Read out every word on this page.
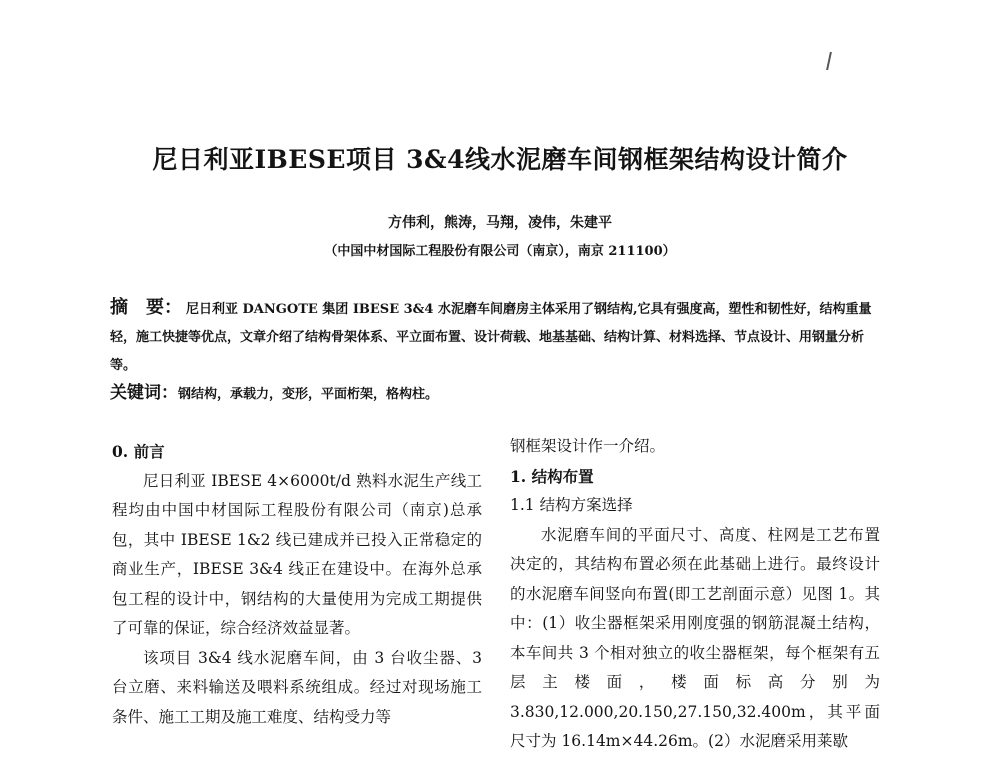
尼日利亚IBESE项目 3&4线水泥磨车间钢框架结构设计简介
方伟利，熊涛，马翔，凌伟，朱建平
（中国中材国际工程股份有限公司（南京），南京 211100）
摘　要： 尼日利亚 DANGOTE 集团 IBESE 3&4 水泥磨车间磨房主体采用了钢结构,它具有强度高，塑性和韧性好，结构重量轻，施工快捷等优点，文章介绍了结构骨架体系、平立面布置、设计荷载、地基基础、结构计算、材料选择、节点设计、用钢量分析等。
关键词：钢结构，承载力，变形，平面桁架，格构柱。

0. 前言

尼日利亚 IBESE 4×6000t/d 熟料水泥生产线工程均由中国中材国际工程股份有限公司（南京)总承包，其中 IBESE 1&2 线已建成并已投入正常稳定的商业生产，IBESE 3&4 线正在建设中。在海外总承包工程的设计中，钢结构的大量使用为完成工期提供了可靠的保证，综合经济效益显著。

该项目 3&4 线水泥磨车间，由 3 台收尘器、3 台立磨、来料输送及喂料系统组成。经过对现场施工条件、施工工期及施工难度、结构受力等

钢框架设计作一介绍。

1. 结构布置

1.1 结构方案选择

水泥磨车间的平面尺寸、高度、柱网是工艺布置决定的，其结构布置必须在此基础上进行。最终设计的水泥磨车间竖向布置(即工艺剖面示意）见图 1。其中：(1）收尘器框架采用刚度强的钢筋混凝土结构，本车间共 3 个相对独立的收尘器框架，每个框架有五层主楼面，楼面标高分别为 3.830,12.000,20.150,27.150,32.400m，其平面尺寸为 16.14m×44.26m。(2）水泥磨采用莱歇
